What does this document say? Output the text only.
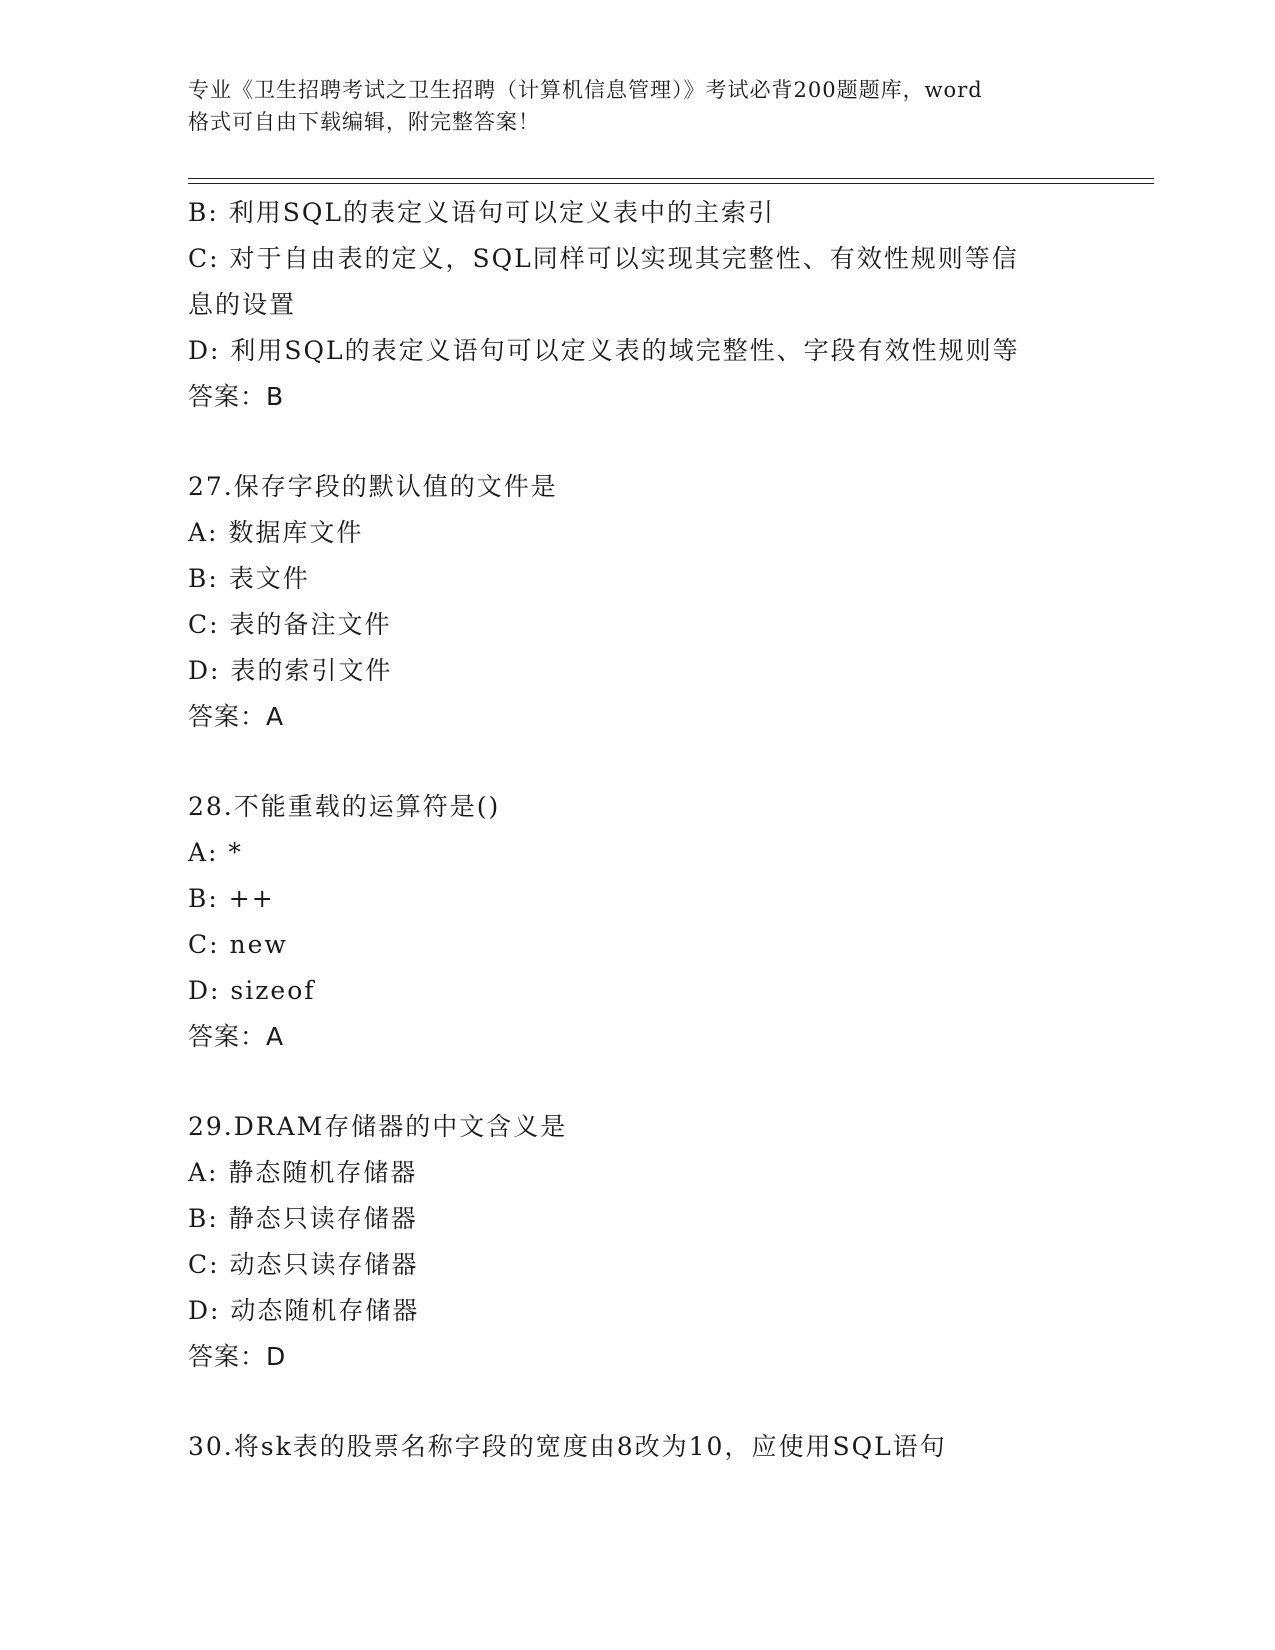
专业《卫生招聘考试之卫生招聘（计算机信息管理）》考试必背200题题库，word
格式可自由下载编辑，附完整答案！
B: 利用SQL的表定义语句可以定义表中的主索引
C: 对于自由表的定义，SQL同样可以实现其完整性、有效性规则等信
息的设置
D: 利用SQL的表定义语句可以定义表的域完整性、字段有效性规则等
答案：B
27.保存字段的默认值的文件是
A: 数据库文件
B: 表文件
C: 表的备注文件
D: 表的索引文件
答案：A
28.不能重载的运算符是()
A: *
B: ++
C: new
D: sizeof
答案：A
29.DRAM存储器的中文含义是
A: 静态随机存储器
B: 静态只读存储器
C: 动态只读存储器
D: 动态随机存储器
答案：D
30.将sk表的股票名称字段的宽度由8改为10，应使用SQL语句
